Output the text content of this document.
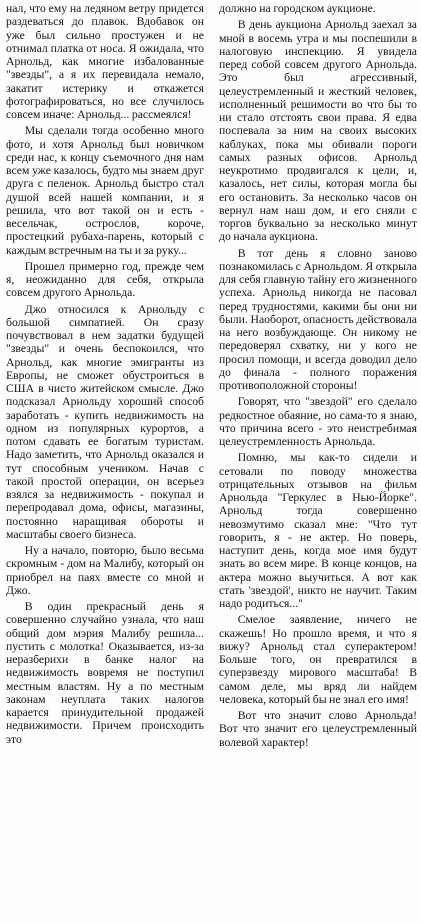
нал, что ему на ледяном ветру придется раздеваться до плавок. Вдобавок он уже был сильно простужен и не отнимал платка от носа. Я ожидала, что Арнольд, как многие избалованные "звезды", а я их перевидала немало, закатит истерику и откажется фотографироваться, но все случилось совсем иначе: Арнольд... рассмеялся!

Мы сделали тогда особенно много фото, и хотя Арнольд был новичком среди нас, к концу съемочного дня нам всем уже казалось, будто мы знаем друг друга с пеленок. Арнольд быстро стал душой всей нашей компании, и я решила, что вот такой он и есть - весельчак, остросло́в, короче, простецкий рубаха-парень, который с каждым встречным на ты и за руку...

Прошел примерно год, прежде чем я, неожиданно для себя, открыла совсем другого Арнольда.

Джо относился к Арнольду с большой симпатией. Он сразу почувствовал в нем задатки будущей "звезды" и очень беспокоился, что Арнольд, как многие эмигранты из Европы, не сможет обустроиться в США в чисто житейском смысле. Джо подсказал Арнольду хороший способ заработать - купить недвижимость на одном из популярных курортов, а потом сдавать ее богатым туристам. Надо заметить, что Арнольд оказался и тут способным учеником. Начав с такой простой операции, он всерьез взялся за недвижимость - покупал и перепродавал дома, офисы, магазины, постоянно наращивая обороты и масштабы своего бизнеса.

Ну а начало, повторю, было весьма скромным - дом на Малибу, который он приобрел на паях вместе со мной и Джо.

В один прекрасный день я совершенно случайно узнала, что наш общий дом мэрия Малибу решила... пустить с молотка! Оказывается, из-за неразберихи в банке налог на недвижимость вовремя не поступил местным властям. Ну а по местным законам неуплата таких налогов карается принудительной продажей недвижимости. Причем происходить это

должно на городском аукционе.

В день аукциона Арнольд заехал за мной в восемь утра и мы поспешили в налоговую инспекцию. Я увидела перед собой совсем другого Арнольда. Это был агрессивный, целеустремленный и жесткий человек, исполненный решимости во что бы то ни стало отстоять свои права. Я едва поспевала за ним на своих высоких каблуках, пока мы обивали пороги самых разных офисов. Арнольд неукротимо продвигался к цели, и, казалось, нет силы, которая могла бы его остановить. За несколько часов он вернул нам наш дом, и его сняли с торгов буквально за несколько минут до начала аукциона.

В тот день я словно заново познакомилась с Арнольдом. Я открыла для себя главную тайну его жизненного успеха. Арнольд никогда не пасовал перед трудностями, какими бы они ни были. Наоборот, опасность действовала на него возбуждающе. Он никому не передоверял схватку, ни у кого не просил помощи, и всегда доводил дело до финала - полного поражения противоположной стороны!

Говорят, что "звездой" его сделало редкостное обаяние, но сама-то я знаю, что причина всего - это неистребимая целеустремленность Арнольда.

Помню, мы как-то сидели и сетовали по поводу множества отрицательных отзывов на фильм Арнольда "Геркулес в Нью-Йорке". Арнольд тогда совершенно невозмутимо сказал мне: "Что тут говорить, я - не актер. Но поверь, наступит день, когда мое имя будут знать во всем мире. В конце концов, на актера можно выучиться. А вот как стать 'звездой', никто не научит. Таким надо родиться..."

Смелое заявление, ничего не скажешь! Но прошло время, и что я вижу? Арнольд стал суперактером! Больше того, он превратился в суперзвезду мирового масштаба! В самом деле, мы вряд ли найдем человека, который бы не знал его имя!

Вот что значит слово Арнольда! Вот что значит его целеустремленный волевой характер!
